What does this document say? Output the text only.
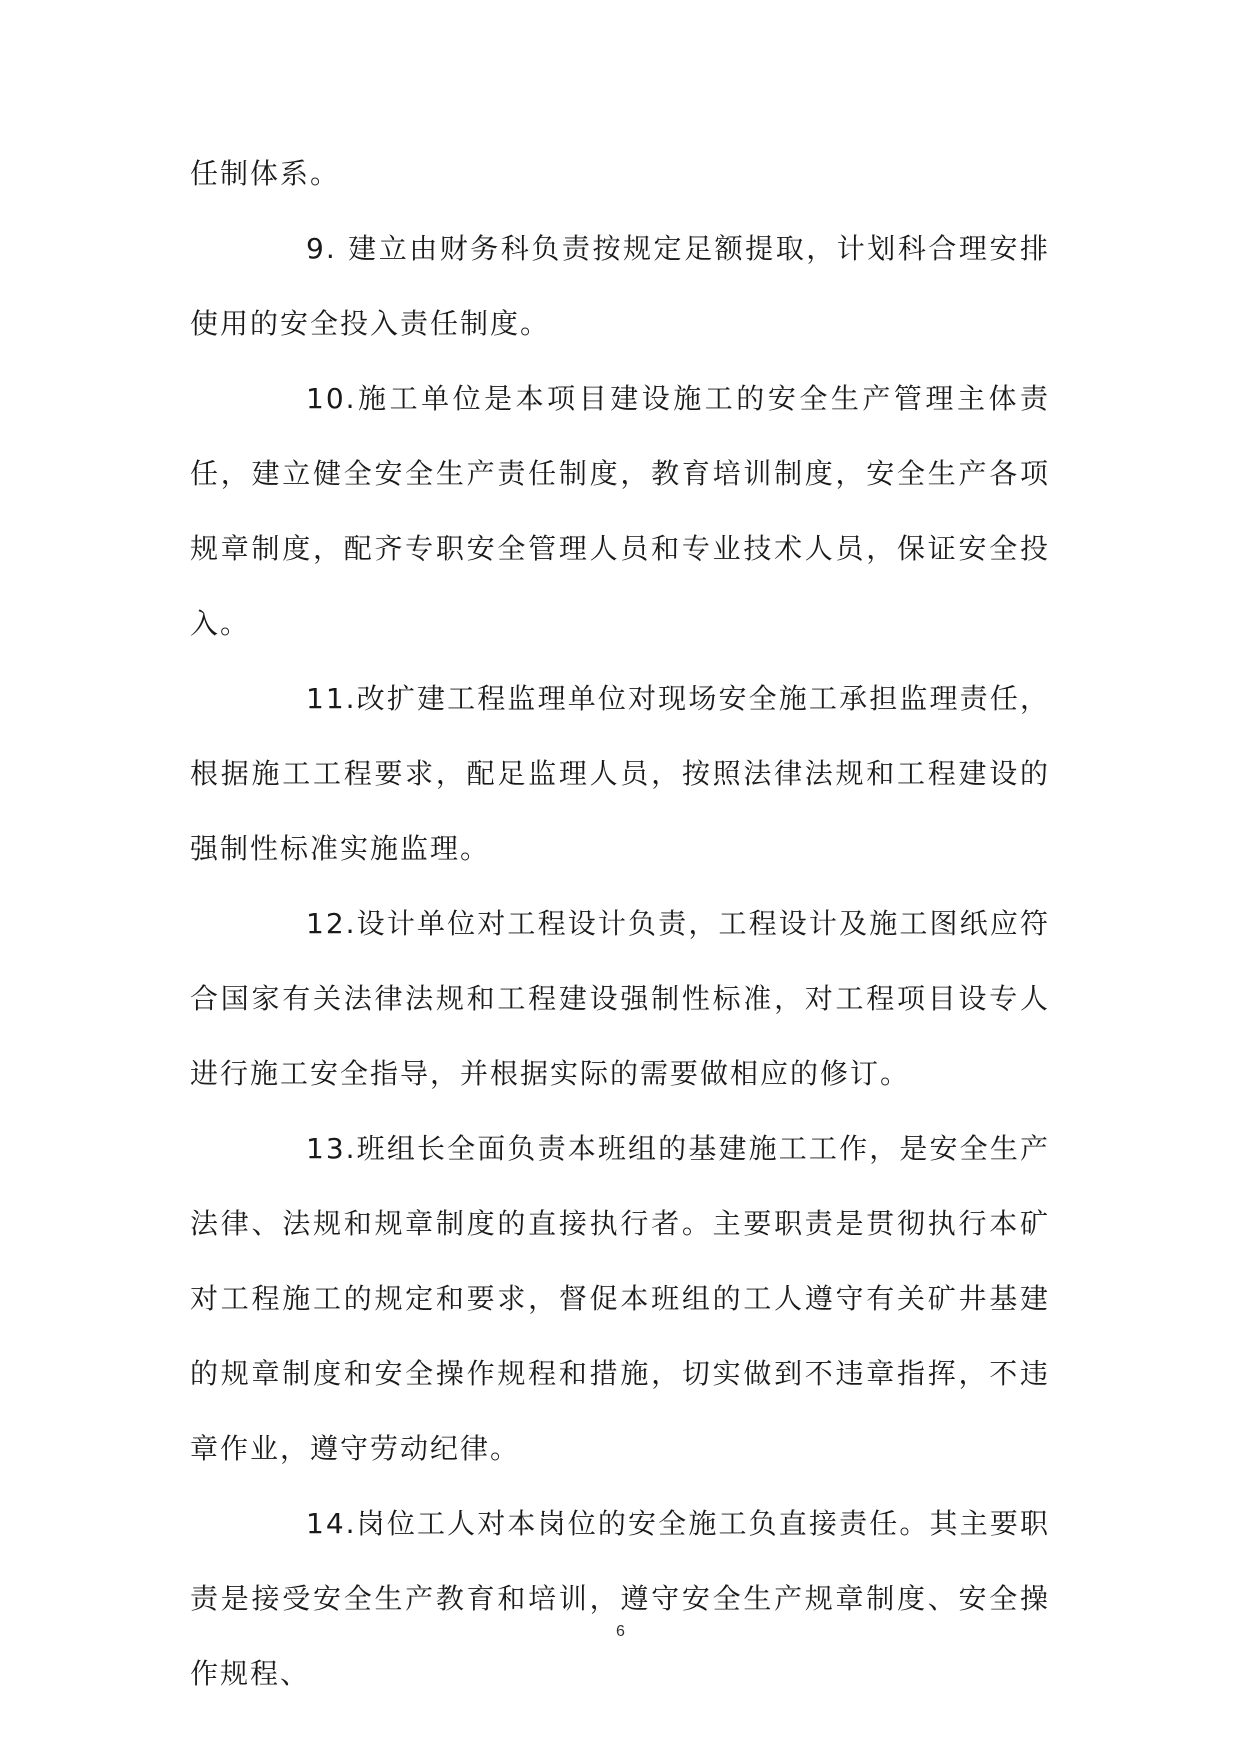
任制体系。

9. 建立由财务科负责按规定足额提取，计划科合理安排使用的安全投入责任制度。

10.施工单位是本项目建设施工的安全生产管理主体责任，建立健全安全生产责任制度，教育培训制度，安全生产各项规章制度，配齐专职安全管理人员和专业技术人员，保证安全投入。

11.改扩建工程监理单位对现场安全施工承担监理责任，根据施工工程要求，配足监理人员，按照法律法规和工程建设的强制性标准实施监理。

12.设计单位对工程设计负责，工程设计及施工图纸应符合国家有关法律法规和工程建设强制性标准，对工程项目设专人进行施工安全指导，并根据实际的需要做相应的修订。

13.班组长全面负责本班组的基建施工工作，是安全生产法律、法规和规章制度的直接执行者。主要职责是贯彻执行本矿对工程施工的规定和要求，督促本班组的工人遵守有关矿井基建的规章制度和安全操作规程和措施，切实做到不违章指挥，不违章作业，遵守劳动纪律。

14.岗位工人对本岗位的安全施工负直接责任。其主要职责是接受安全生产教育和培训，遵守安全生产规章制度、安全操作规程、

6
